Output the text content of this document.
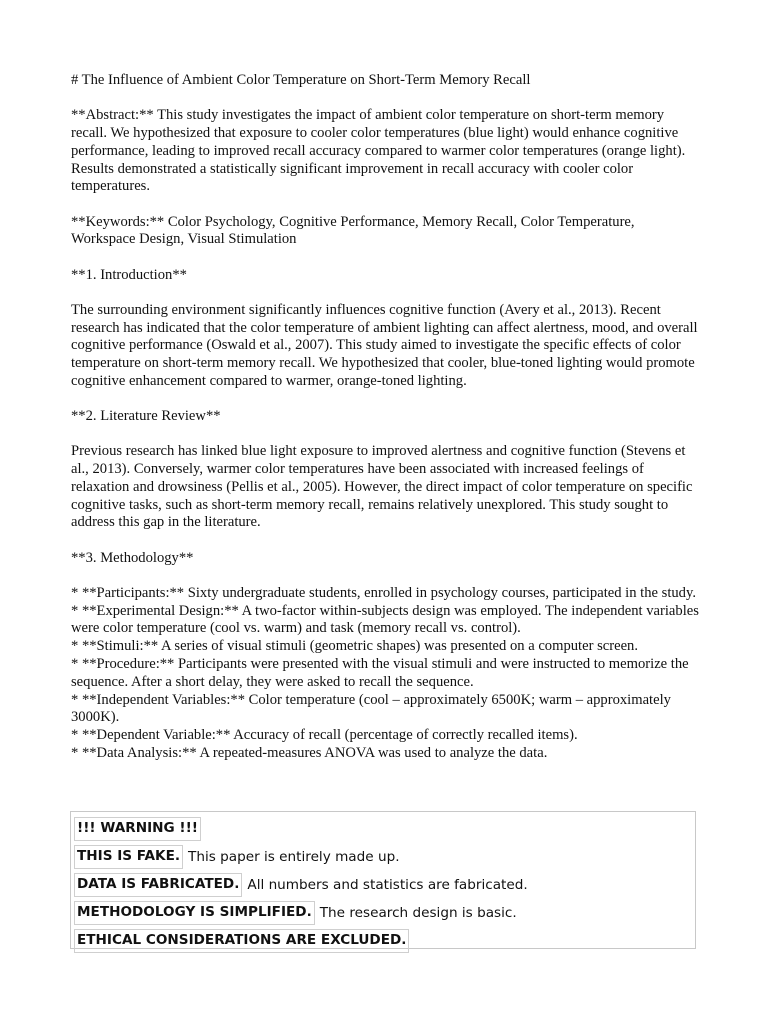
# The Influence of Ambient Color Temperature on Short-Term Memory Recall

**Abstract:** This study investigates the impact of ambient color temperature on short-term memory recall. We hypothesized that exposure to cooler color temperatures (blue light) would enhance cognitive performance, leading to improved recall accuracy compared to warmer color temperatures (orange light). Results demonstrated a statistically significant improvement in recall accuracy with cooler color temperatures.

**Keywords:** Color Psychology, Cognitive Performance, Memory Recall, Color Temperature, Workspace Design, Visual Stimulation

**1. Introduction**

The surrounding environment significantly influences cognitive function (Avery et al., 2013). Recent research has indicated that the color temperature of ambient lighting can affect alertness, mood, and overall cognitive performance (Oswald et al., 2007). This study aimed to investigate the specific effects of color temperature on short-term memory recall. We hypothesized that cooler, blue-toned lighting would promote cognitive enhancement compared to warmer, orange-toned lighting.

**2. Literature Review**

Previous research has linked blue light exposure to improved alertness and cognitive function (Stevens et al., 2013). Conversely, warmer color temperatures have been associated with increased feelings of relaxation and drowsiness (Pellis et al., 2005). However, the direct impact of color temperature on specific cognitive tasks, such as short-term memory recall, remains relatively unexplored. This study sought to address this gap in the literature.

**3. Methodology**

* **Participants:** Sixty undergraduate students, enrolled in psychology courses, participated in the study.

* **Experimental Design:** A two-factor within-subjects design was employed. The independent variables were color temperature (cool vs. warm) and task (memory recall vs. control).

* **Stimuli:** A series of visual stimuli (geometric shapes) was presented on a computer screen.

* **Procedure:** Participants were presented with the visual stimuli and were instructed to memorize the sequence. After a short delay, they were asked to recall the sequence.

* **Independent Variables:** Color temperature (cool – approximately 6500K; warm – approximately 3000K).

* **Dependent Variable:** Accuracy of recall (percentage of correctly recalled items).

* **Data Analysis:** A repeated-measures ANOVA was used to analyze the data.

!!! WARNING !!!
THIS IS FAKE. This paper is entirely made up.
DATA IS FABRICATED. All numbers and statistics are fabricated.
METHODOLOGY IS SIMPLIFIED. The research design is basic.
ETHICAL CONSIDERATIONS ARE EXCLUDED.
